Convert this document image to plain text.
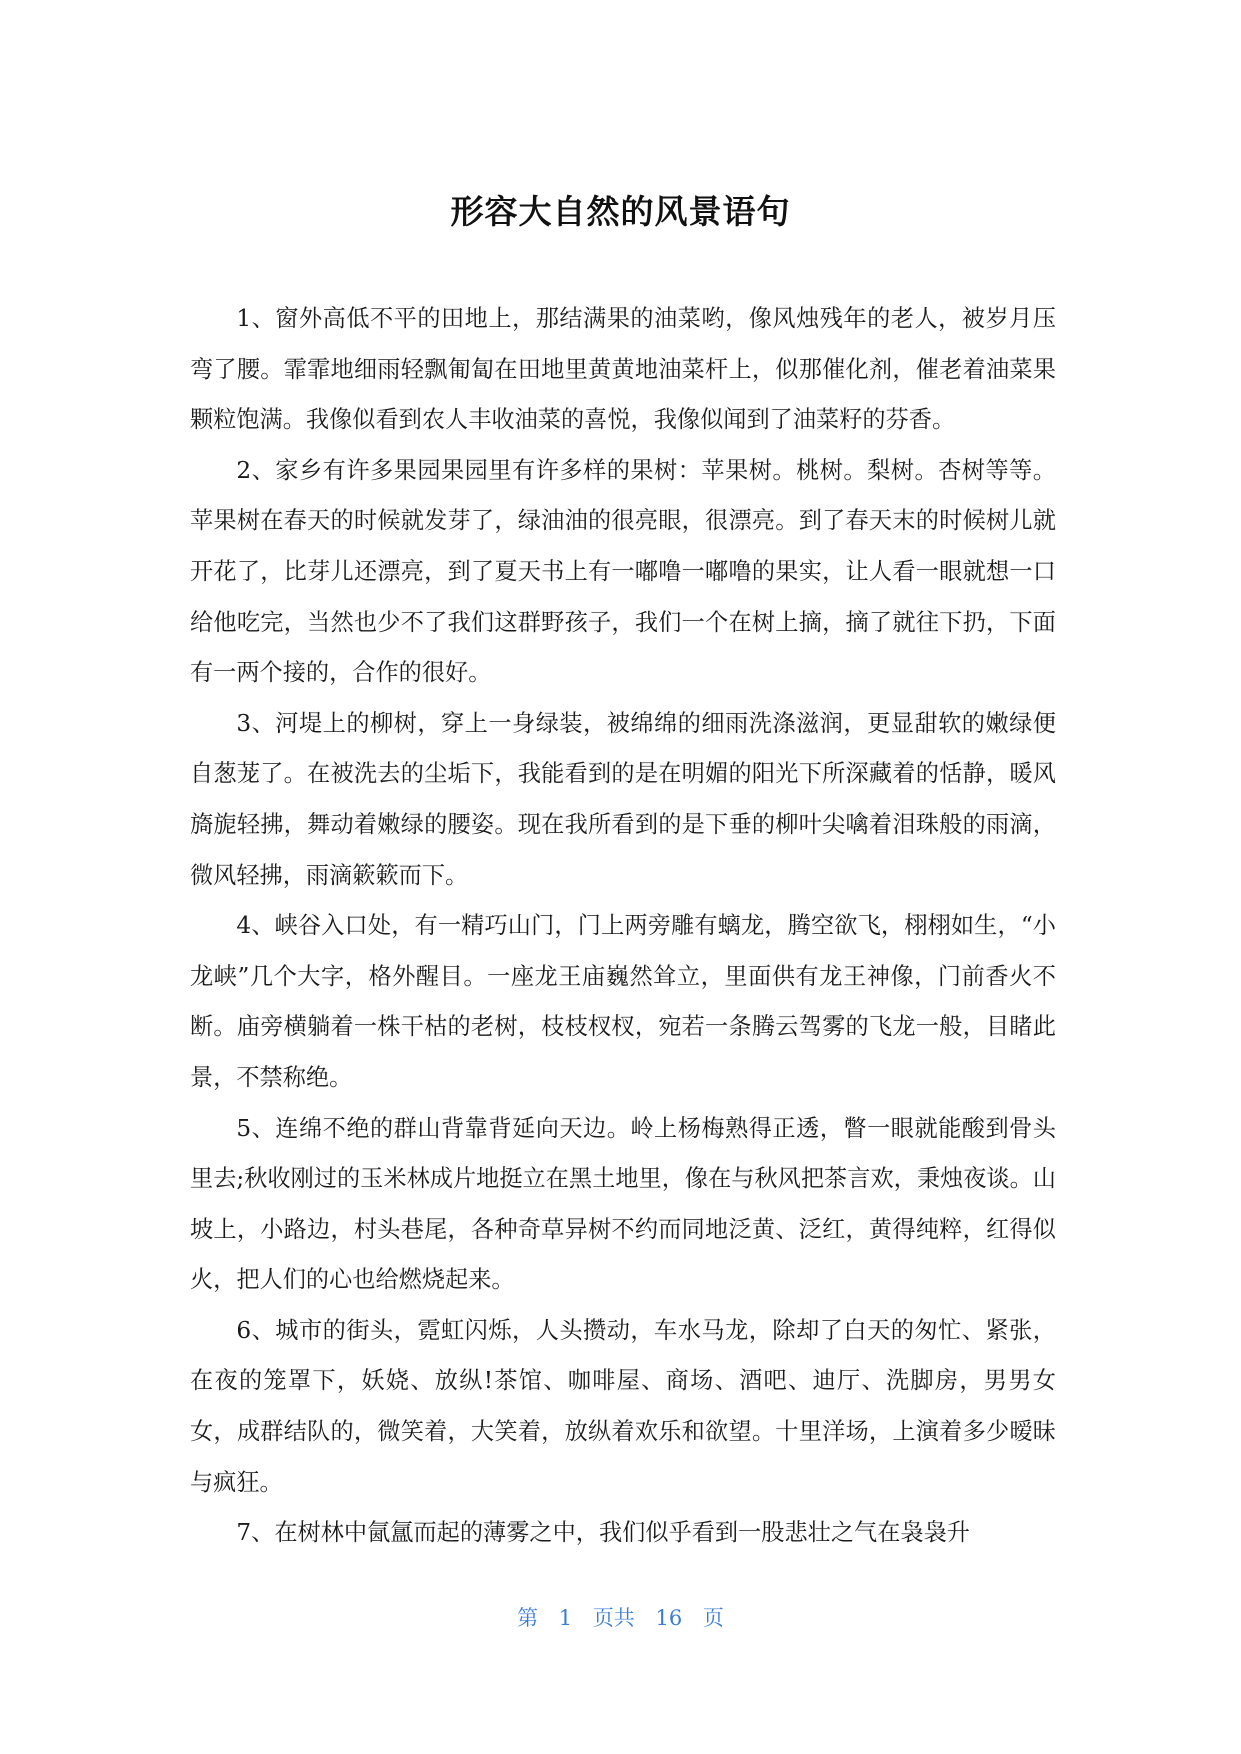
形容大自然的风景语句

1、窗外高低不平的田地上，那结满果的油菜哟，像风烛残年的老人，被岁月压弯了腰。霏霏地细雨轻飘匍匐在田地里黄黄地油菜杆上，似那催化剂，催老着油菜果颗粒饱满。我像似看到农人丰收油菜的喜悦，我像似闻到了油菜籽的芬香。

2、家乡有许多果园果园里有许多样的果树：苹果树。桃树。梨树。杏树等等。苹果树在春天的时候就发芽了，绿油油的很亮眼，很漂亮。到了春天末的时候树儿就开花了，比芽儿还漂亮，到了夏天书上有一嘟噜一嘟噜的果实，让人看一眼就想一口给他吃完，当然也少不了我们这群野孩子，我们一个在树上摘，摘了就往下扔，下面有一两个接的，合作的很好。

3、河堤上的柳树，穿上一身绿装，被绵绵的细雨洗涤滋润，更显甜软的嫩绿便自葱茏了。在被洗去的尘垢下，我能看到的是在明媚的阳光下所深藏着的恬静，暖风旖旎轻拂，舞动着嫩绿的腰姿。现在我所看到的是下垂的柳叶尖噙着泪珠般的雨滴，微风轻拂，雨滴簌簌而下。

4、峡谷入口处，有一精巧山门，门上两旁雕有螭龙，腾空欲飞，栩栩如生，“小龙峡”几个大字，格外醒目。一座龙王庙巍然耸立，里面供有龙王神像，门前香火不断。庙旁横躺着一株干枯的老树，枝枝杈杈，宛若一条腾云驾雾的飞龙一般，目睹此景，不禁称绝。

5、连绵不绝的群山背靠背延向天边。岭上杨梅熟得正透，瞥一眼就能酸到骨头里去;秋收刚过的玉米林成片地挺立在黑土地里，像在与秋风把茶言欢，秉烛夜谈。山坡上，小路边，村头巷尾，各种奇草异树不约而同地泛黄、泛红，黄得纯粹，红得似火，把人们的心也给燃烧起来。

6、城市的街头，霓虹闪烁，人头攒动，车水马龙，除却了白天的匆忙、紧张，在夜的笼罩下，妖娆、放纵!茶馆、咖啡屋、商场、酒吧、迪厅、洗脚房，男男女女，成群结队的，微笑着，大笑着，放纵着欢乐和欲望。十里洋场，上演着多少暧昧与疯狂。

7、在树林中氤氲而起的薄雾之中，我们似乎看到一股悲壮之气在袅袅升

第 1 页共 16 页
